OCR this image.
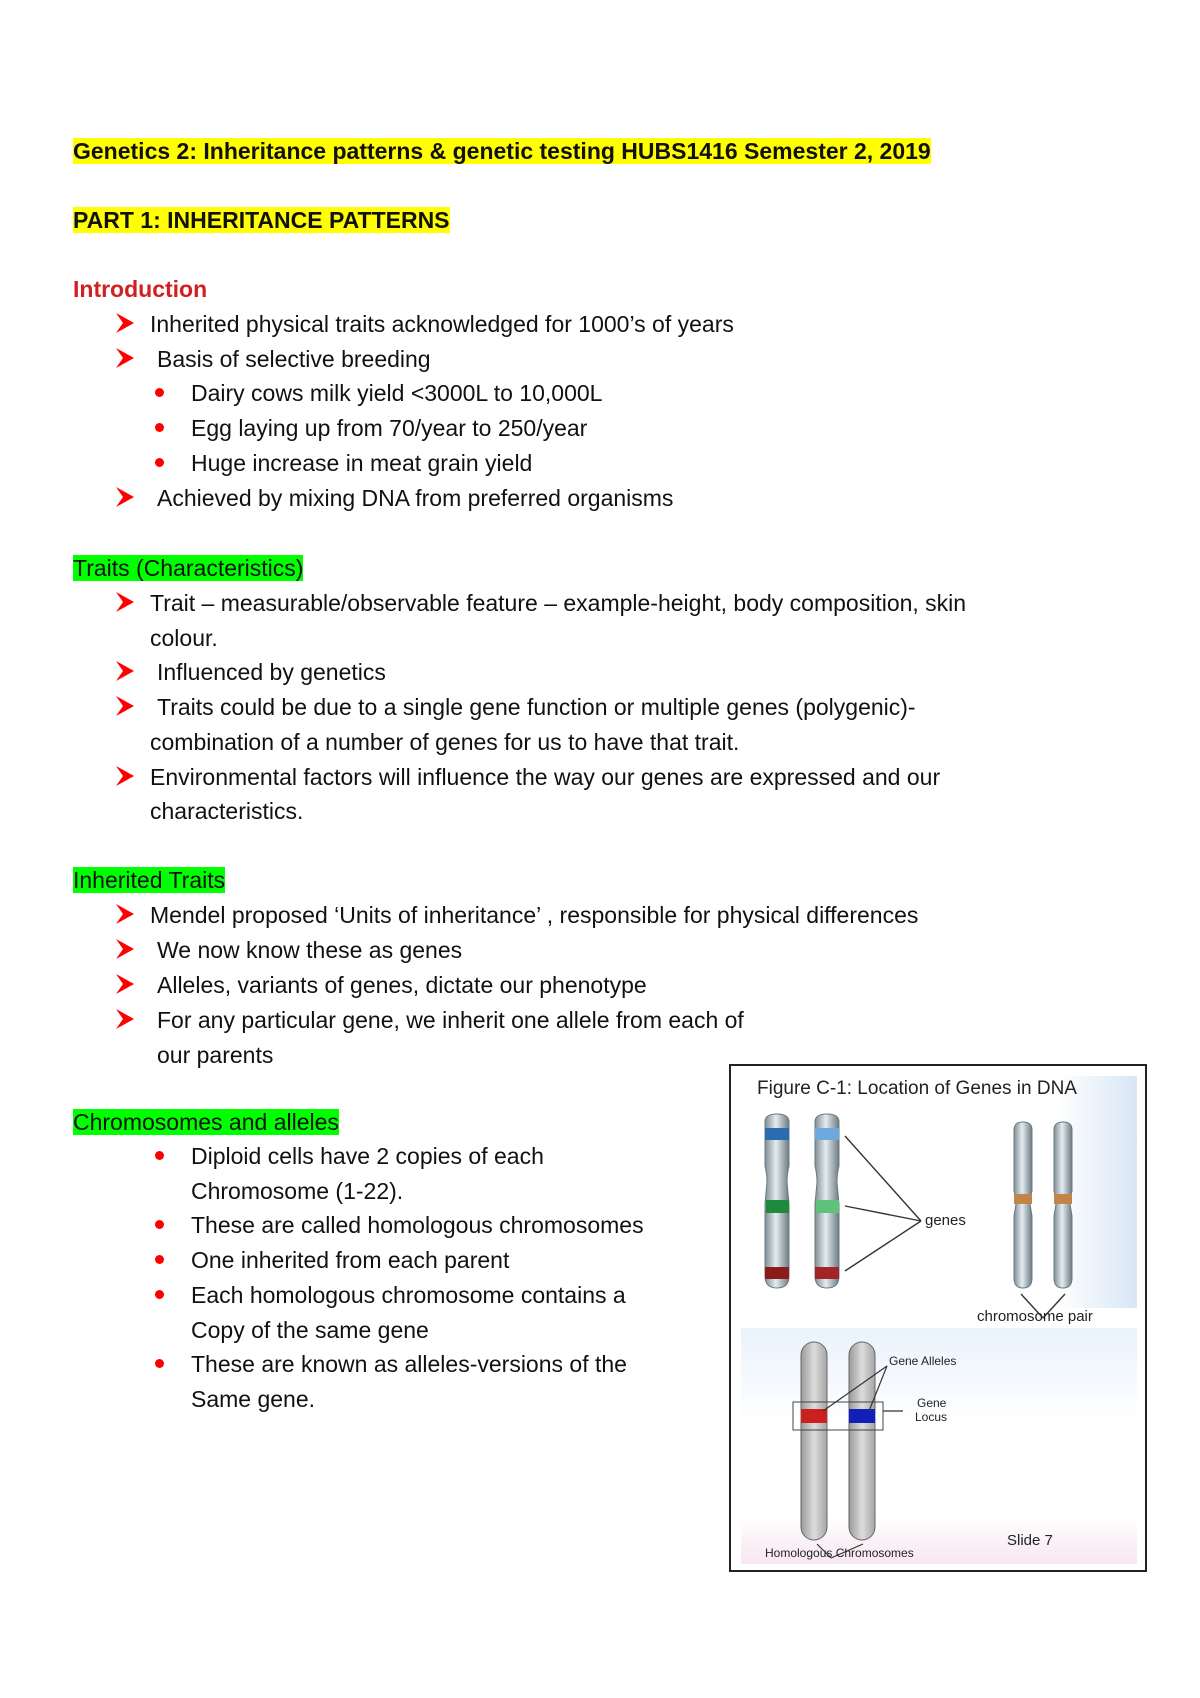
Genetics 2: Inheritance patterns & genetic testing HUBS1416 Semester 2, 2019
PART 1: INHERITANCE PATTERNS
Introduction
Inherited physical traits acknowledged for 1000’s of years
Basis of selective breeding
Dairy cows milk yield <3000L to 10,000L
Egg laying up from 70/year to 250/year
Huge increase in meat grain yield
Achieved by mixing DNA from preferred organisms
Traits (Characteristics)
Trait – measurable/observable feature – example-height, body composition, skin
colour.
Influenced by genetics
Traits could be due to a single gene function or multiple genes (polygenic)-
combination of a number of genes for us to have that trait.
Environmental factors will influence the way our genes are expressed and our
characteristics.
Inherited Traits
Mendel proposed ‘Units of inheritance’ , responsible for physical differences
We now know these as genes
Alleles, variants of genes, dictate our phenotype
For any particular gene, we inherit one allele from each of
our parents
Chromosomes and alleles
Diploid cells have 2 copies of each
Chromosome (1-22).
These are called homologous chromosomes
One inherited from each parent
Each homologous chromosome contains a
Copy of the same gene
These are known as alleles-versions of the
Same gene.
Figure C-1: Location of Genes in DNA
genes
chromosome pair
Gene Alleles
Gene
Locus
Homologous Chromosomes
Slide 7
